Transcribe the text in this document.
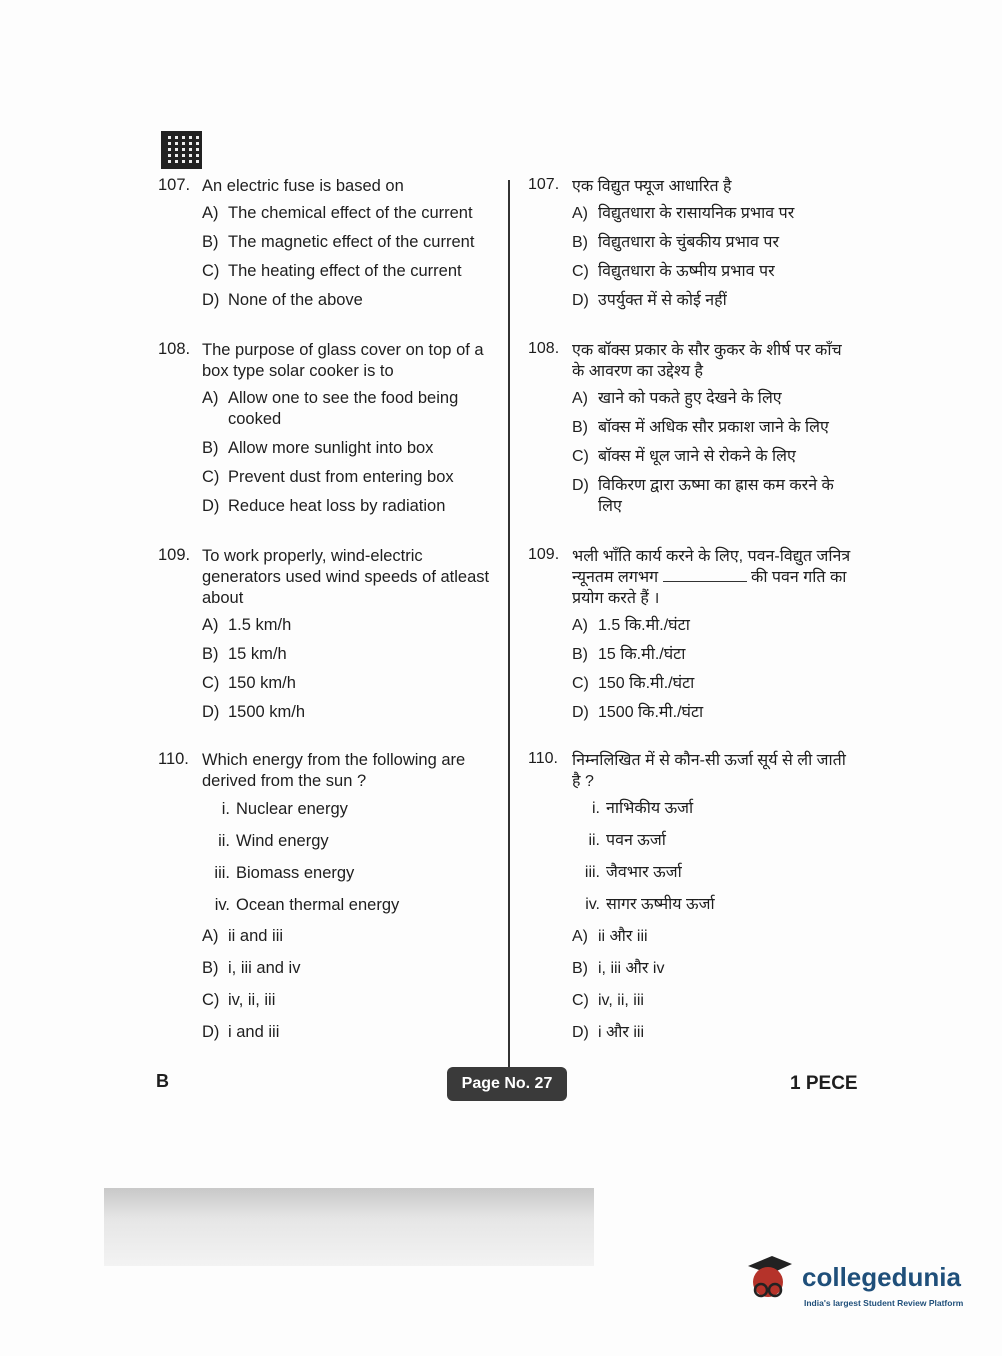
107. An electric fuse is based on
A) The chemical effect of the current
B) The magnetic effect of the current
C) The heating effect of the current
D) None of the above
108. The purpose of glass cover on top of a box type solar cooker is to
A) Allow one to see the food being cooked
B) Allow more sunlight into box
C) Prevent dust from entering box
D) Reduce heat loss by radiation
109. To work properly, wind-electric generators used wind speeds of atleast about
A) 1.5 km/h
B) 15 km/h
C) 150 km/h
D) 1500 km/h
110. Which energy from the following are derived from the sun ?
i. Nuclear energy
ii. Wind energy
iii. Biomass energy
iv. Ocean thermal energy
A) ii and iii
B) i, iii and iv
C) iv, ii, iii
D) i and iii
107. एक विद्युत फ्यूज आधारित है
A) विद्युतधारा के रासायनिक प्रभाव पर
B) विद्युतधारा के चुंबकीय प्रभाव पर
C) विद्युतधारा के ऊष्मीय प्रभाव पर
D) उपर्युक्त में से कोई नहीं
108. एक बॉक्स प्रकार के सौर कुकर के शीर्ष पर काँच के आवरण का उद्देश्य है
A) खाने को पकते हुए देखने के लिए
B) बॉक्स में अधिक सौर प्रकाश जाने के लिए
C) बॉक्स में धूल जाने से रोकने के लिए
D) विकिरण द्वारा ऊष्मा का ह्रास कम करने के लिए
109. भली भाँति कार्य करने के लिए, पवन-विद्युत जनित्र न्यूनतम लगभग	की पवन गति का प्रयोग करते हैं ।
A) 1.5 कि.मी./घंटा
B) 15 कि.मी./घंटा
C) 150 कि.मी./घंटा
D) 1500 कि.मी./घंटा
110. निम्नलिखित में से कौन-सी ऊर्जा सूर्य से ली जाती है ?
i. नाभिकीय ऊर्जा
ii. पवन ऊर्जा
iii. जैवभार ऊर्जा
iv. सागर ऊष्मीय ऊर्जा
A) ii और iii
B) i, iii और iv
C) iv, ii, iii
D) i और iii
B	Page No. 27	1 PECE
collegedunia
India's largest Student Review Platform
